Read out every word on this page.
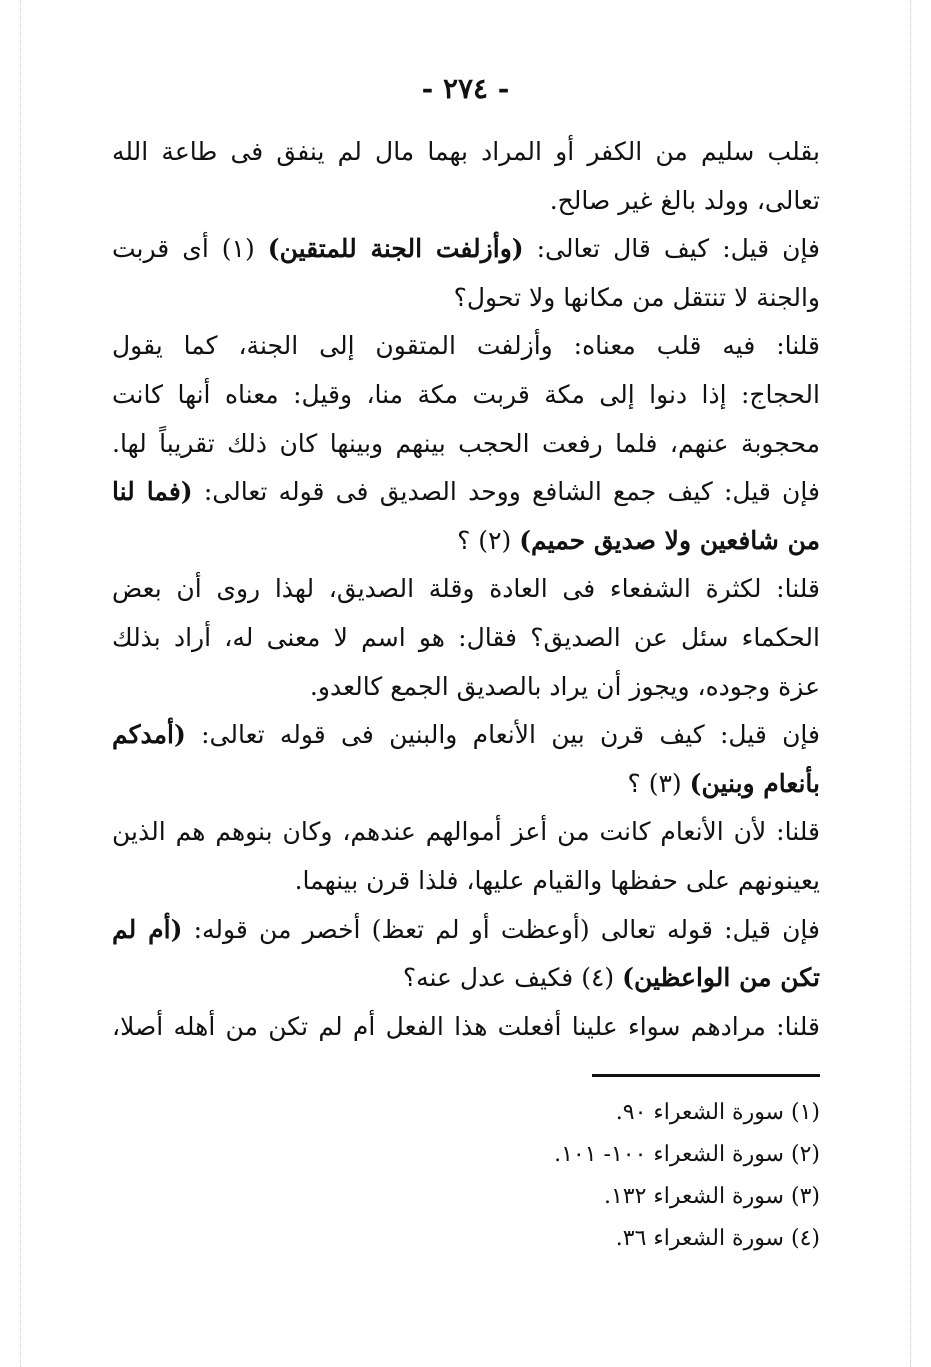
- ٢٧٤ -
بقلب سليم من الكفر أو المراد بهما مال لم ينفق فى طاعة الله
تعالى، وولد بالغ غير صالح.
فإن قيل: كيف قال تعالى: (وأزلفت الجنة للمتقين) (١) أى قربت
والجنة لا تنتقل من مكانها ولا تحول؟
قلنا: فيه قلب معناه: وأزلفت المتقون إلى الجنة، كما يقول
الحجاج: إذا دنوا إلى مكة قربت مكة منا، وقيل: معناه أنها كانت
محجوبة عنهم، فلما رفعت الحجب بينهم وبينها كان ذلك تقريباً لها.
فإن قيل: كيف جمع الشافع ووحد الصديق فى قوله تعالى: (فما لنا
من شافعين ولا صديق حميم) (٢) ؟
قلنا: لكثرة الشفعاء فى العادة وقلة الصديق، لهذا روى أن بعض
الحكماء سئل عن الصديق؟ فقال: هو اسم لا معنى له، أراد بذلك
عزة وجوده، ويجوز أن يراد بالصديق الجمع كالعدو.
فإن قيل: كيف قرن بين الأنعام والبنين فى قوله تعالى: (أمدكم
بأنعام وبنين) (٣) ؟
قلنا: لأن الأنعام كانت من أعز أموالهم عندهم، وكان بنوهم هم الذين
يعينونهم على حفظها والقيام عليها، فلذا قرن بينهما.
فإن قيل: قوله تعالى (أوعظت أو لم تعظ) أخصر من قوله: (أم لم
تكن من الواعظين) (٤) فكيف عدل عنه؟
قلنا: مرادهم سواء علينا أفعلت هذا الفعل أم لم تكن من أهله أصلا،
(١) سورة الشعراء ٩٠.
(٢) سورة الشعراء ١٠٠- ١٠١.
(٣) سورة الشعراء ١٣٢.
(٤) سورة الشعراء ٣٦.
